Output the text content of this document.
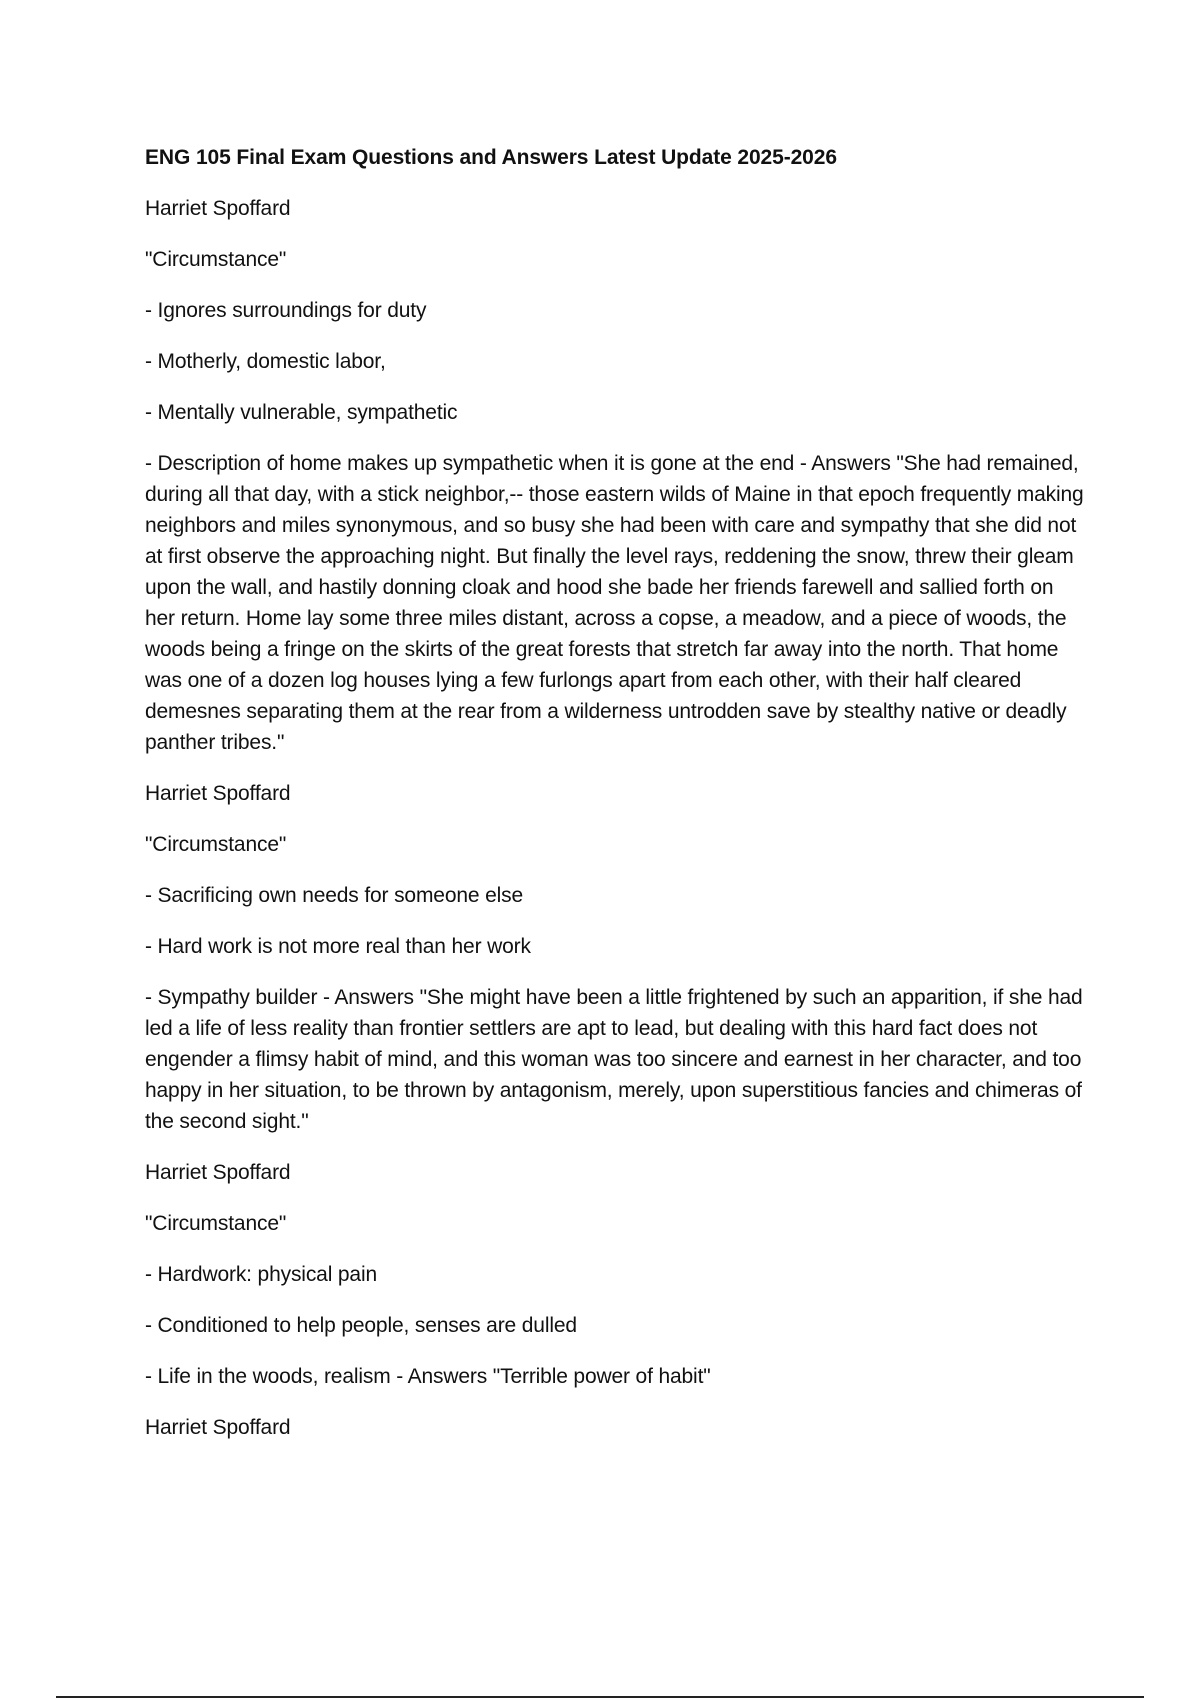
ENG 105 Final Exam Questions and Answers Latest Update 2025-2026
Harriet Spoffard
"Circumstance"
- Ignores surroundings for duty
- Motherly, domestic labor,
- Mentally vulnerable, sympathetic
- Description of home makes up sympathetic when it is gone at the end - Answers "She had remained, during all that day, with a stick neighbor,-- those eastern wilds of Maine in that epoch frequently making neighbors and miles synonymous, and so busy she had been with care and sympathy that she did not at first observe the approaching night. But finally the level rays, reddening the snow, threw their gleam upon the wall, and hastily donning cloak and hood she bade her friends farewell and sallied forth on her return. Home lay some three miles distant, across a copse, a meadow, and a piece of woods, the woods being a fringe on the skirts of the great forests that stretch far away into the north. That home was one of a dozen log houses lying a few furlongs apart from each other, with their half cleared demesnes separating them at the rear from a wilderness untrodden save by stealthy native or deadly panther tribes."
Harriet Spoffard
"Circumstance"
- Sacrificing own needs for someone else
- Hard work is not more real than her work
- Sympathy builder - Answers "She might have been a little frightened by such an apparition, if she had led a life of less reality than frontier settlers are apt to lead, but dealing with this hard fact does not engender a flimsy habit of mind, and this woman was too sincere and earnest in her character, and too happy in her situation, to be thrown by antagonism, merely, upon superstitious fancies and chimeras of the second sight."
Harriet Spoffard
"Circumstance"
- Hardwork: physical pain
- Conditioned to help people, senses are dulled
- Life in the woods, realism - Answers "Terrible power of habit"
Harriet Spoffard
